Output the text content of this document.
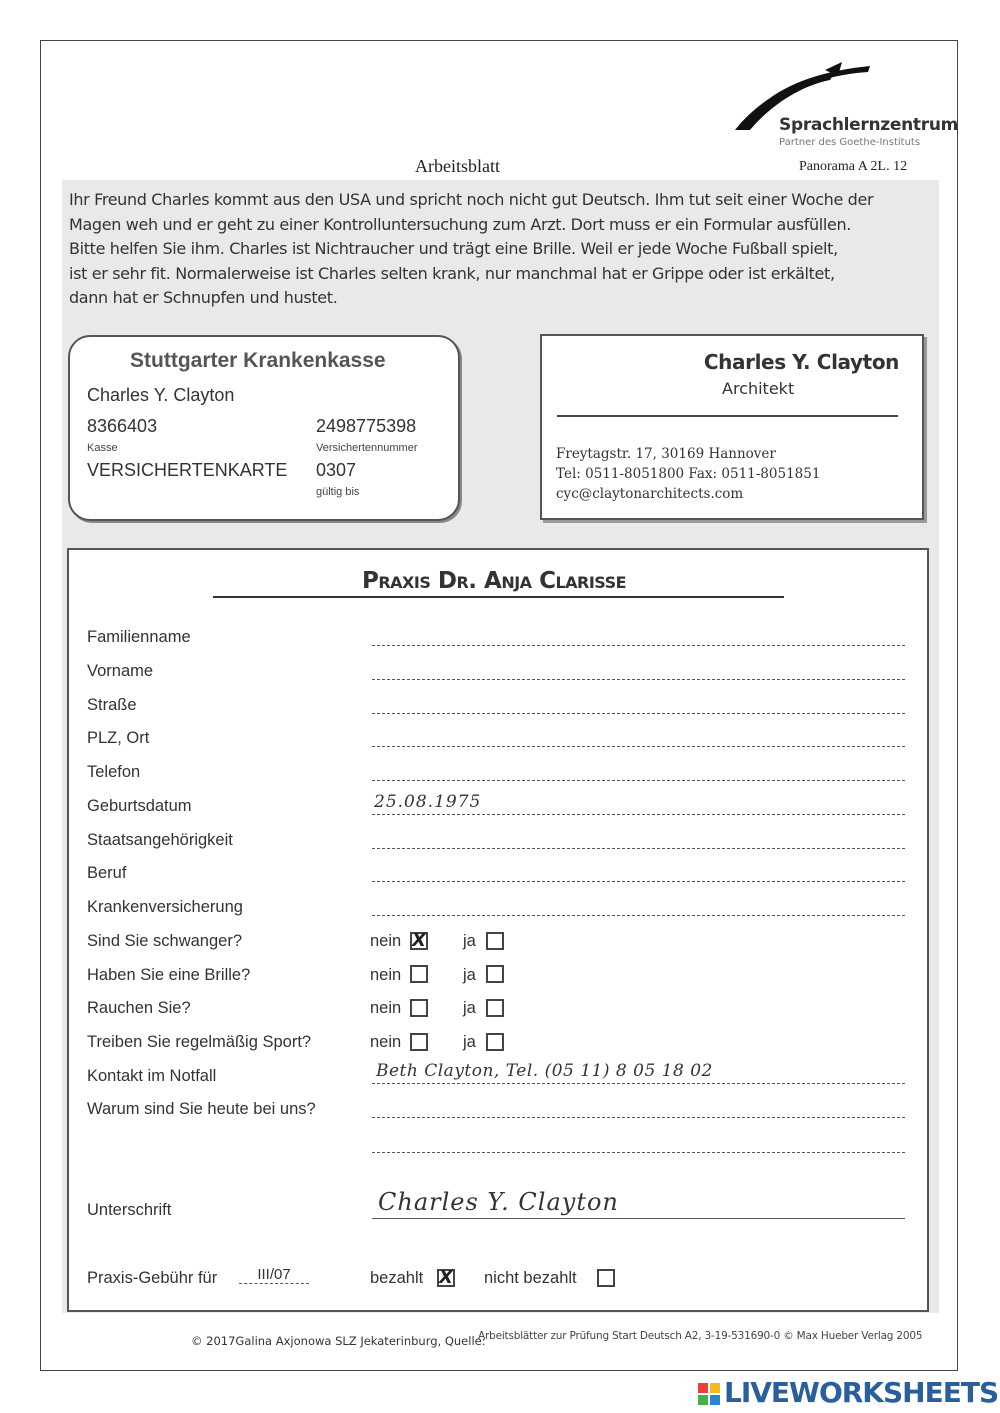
Sprachlernzentrum
Partner des Goethe-Instituts
Arbeitsblatt	Panorama A 2L. 12
Ihr Freund Charles kommt aus den USA und spricht noch nicht gut Deutsch. Ihm tut seit einer Woche der
Magen weh und er geht zu einer Kontrolluntersuchung zum Arzt. Dort muss er ein Formular ausfüllen.
Bitte helfen Sie ihm. Charles ist Nichtraucher und trägt eine Brille. Weil er jede Woche Fußball spielt,
ist er sehr fit. Normalerweise ist Charles selten krank, nur manchmal hat er Grippe oder ist erkältet,
dann hat er Schnupfen und hustet.
Stuttgarter Krankenkasse
Charles Y. Clayton
8366403
Kasse
2498775398
Versichertennummer
VERSICHERTENKARTE 0307
gültig bis
Charles Y. Clayton
Architekt
Freytagstr. 17, 30169 Hannover
Tel: 0511-8051800 Fax: 0511-8051851
cyc@claytonarchitects.com
Praxis Dr. Anja Clarisse
Familienname
Vorname
Straße
PLZ, Ort
Telefon
Geburtsdatum	25.08.1975
Staatsangehörigkeit
Beruf
Krankenversicherung
Sind Sie schwanger?	nein X ja
Haben Sie eine Brille?	nein	ja
Rauchen Sie?	nein	ja
Treiben Sie regelmäßig Sport?	nein	ja
Kontakt im Notfall	Beth Clayton, Tel. (05 11) 8 05 18 02
Warum sind Sie heute bei uns?
Unterschrift	Charles Y. Clayton
Praxis-Gebühr für	III/07	bezahlt X nicht bezahlt
© 2017Galina Axjonowa SLZ Jekaterinburg, Quelle:
Arbeitsblätter zur Prüfung Start Deutsch A2, 3-19-531690-0 © Max Hueber Verlag 2005
LIVEWORKSHEETS
